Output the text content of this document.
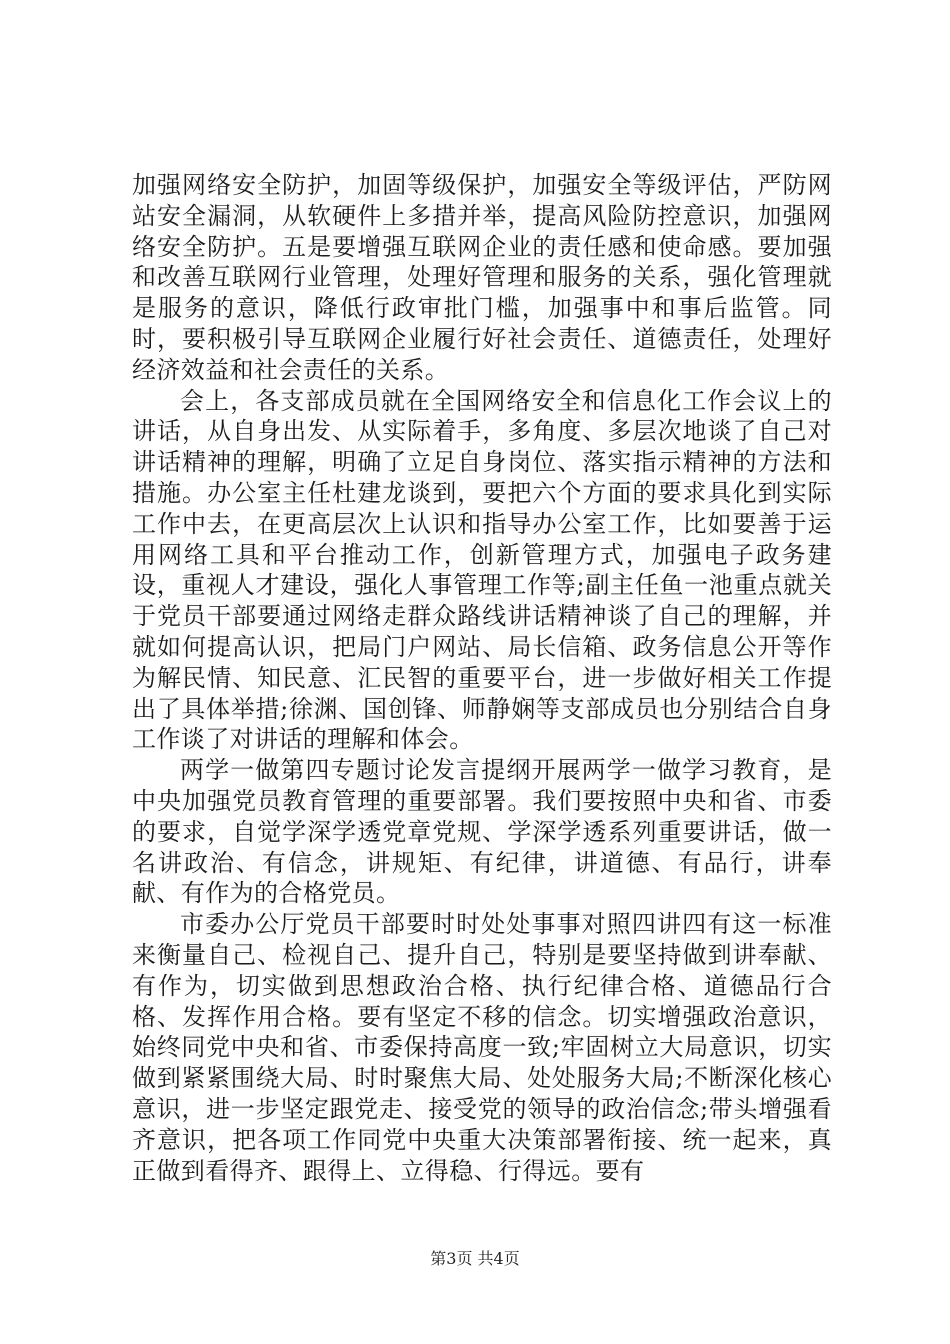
加强网络安全防护，加固等级保护，加强安全等级评估，严防网站安全漏洞，从软硬件上多措并举，提高风险防控意识，加强网络安全防护。五是要增强互联网企业的责任感和使命感。要加强和改善互联网行业管理，处理好管理和服务的关系，强化管理就是服务的意识，降低行政审批门槛，加强事中和事后监管。同时，要积极引导互联网企业履行好社会责任、道德责任，处理好经济效益和社会责任的关系。

会上，各支部成员就在全国网络安全和信息化工作会议上的讲话，从自身出发、从实际着手，多角度、多层次地谈了自己对讲话精神的理解，明确了立足自身岗位、落实指示精神的方法和措施。办公室主任杜建龙谈到，要把六个方面的要求具化到实际工作中去，在更高层次上认识和指导办公室工作，比如要善于运用网络工具和平台推动工作，创新管理方式，加强电子政务建设，重视人才建设，强化人事管理工作等;副主任鱼一池重点就关于党员干部要通过网络走群众路线讲话精神谈了自己的理解，并就如何提高认识，把局门户网站、局长信箱、政务信息公开等作为解民情、知民意、汇民智的重要平台，进一步做好相关工作提出了具体举措;徐渊、国创锋、师静娴等支部成员也分别结合自身工作谈了对讲话的理解和体会。

两学一做第四专题讨论发言提纲开展两学一做学习教育，是中央加强党员教育管理的重要部署。我们要按照中央和省、市委的要求，自觉学深学透党章党规、学深学透系列重要讲话，做一名讲政治、有信念，讲规矩、有纪律，讲道德、有品行，讲奉献、有作为的合格党员。

市委办公厅党员干部要时时处处事事对照四讲四有这一标准来衡量自己、检视自己、提升自己，特别是要坚持做到讲奉献、有作为，切实做到思想政治合格、执行纪律合格、道德品行合格、发挥作用合格。要有坚定不移的信念。切实增强政治意识，始终同党中央和省、市委保持高度一致;牢固树立大局意识，切实做到紧紧围绕大局、时时聚焦大局、处处服务大局;不断深化核心意识，进一步坚定跟党走、接受党的领导的政治信念;带头增强看齐意识，把各项工作同党中央重大决策部署衔接、统一起来，真正做到看得齐、跟得上、立得稳、行得远。要有

第3页 共4页
